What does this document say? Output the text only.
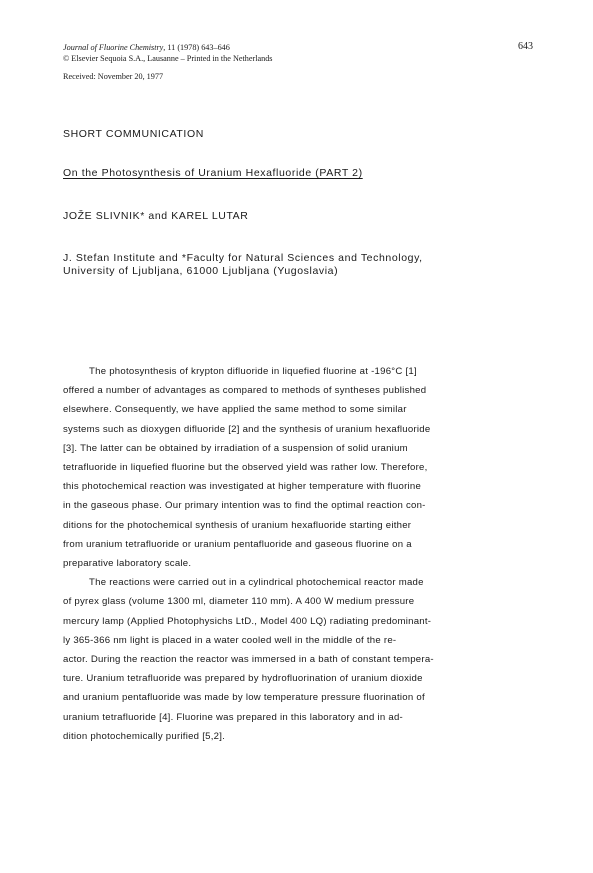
Journal of Fluorine Chemistry, 11 (1978) 643–646	643
© Elsevier Sequoia S.A., Lausanne – Printed in the Netherlands
Received: November 20, 1977
SHORT COMMUNICATION
On the Photosynthesis of Uranium Hexafluoride (PART 2)
JOŽE SLIVNIK* and KAREL LUTAR
J. Stefan Institute and *Faculty for Natural Sciences and Technology,
University of Ljubljana, 61000 Ljubljana (Yugoslavia)
The photosynthesis of krypton difluoride in liquefied fluorine at -196°C [1]
offered a number of advantages as compared to methods of syntheses published
elsewhere. Consequently, we have applied the same method to some similar
systems such as dioxygen difluoride [2] and the synthesis of uranium hexafluoride
[3]. The latter can be obtained by irradiation of a suspension of solid uranium
tetrafluoride in liquefied fluorine but the observed yield was rather low. Therefore,
this photochemical reaction was investigated at higher temperature with fluorine
in the gaseous phase. Our primary intention was to find the optimal reaction con-
ditions for the photochemical synthesis of uranium hexafluoride starting either
from uranium tetrafluoride or uranium pentafluoride and gaseous fluorine on a
preparative laboratory scale.
The reactions were carried out in a cylindrical photochemical reactor made
of pyrex glass (volume 1300 ml, diameter 110 mm). A 400 W medium pressure
mercury lamp (Applied Photophysichs LtD., Model 400 LQ) radiating predominant-
ly 365-366 nm light is placed in a water cooled well in the middle of the re-
actor. During the reaction the reactor was immersed in a bath of constant tempera-
ture. Uranium tetrafluoride was prepared by hydrofluorination of uranium dioxide
and uranium pentafluoride was made by low temperature pressure fluorination of
uranium tetrafluoride [4]. Fluorine was prepared in this laboratory and in ad-
dition photochemically purified [5,2].
